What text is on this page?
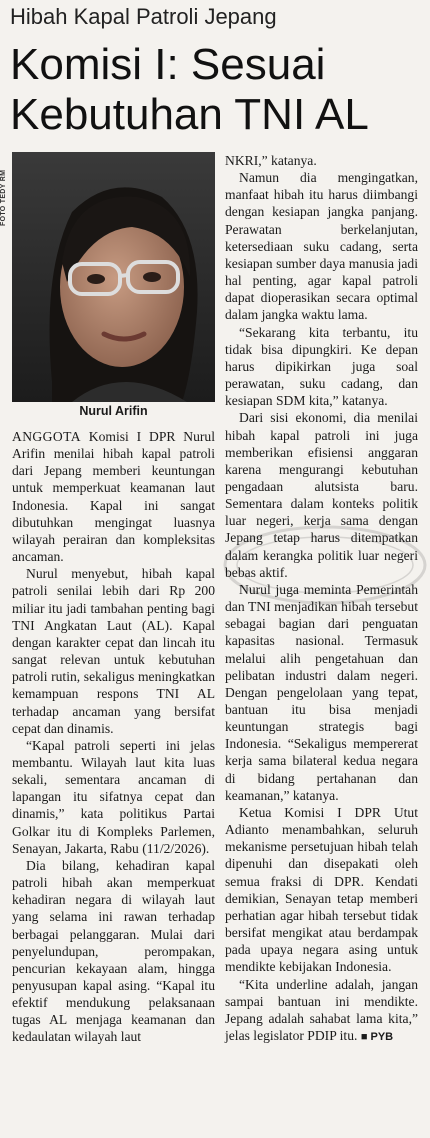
Hibah Kapal Patroli Jepang
Komisi I: Sesuai Kebutuhan TNI AL
FOTO TEDY RM
Nurul Arifin

ANGGOTA Komisi I DPR Nurul Arifin menilai hibah kapal patroli dari Jepang memberi keuntungan untuk memperkuat keamanan laut Indonesia. Kapal ini sangat dibutuhkan mengingat luasnya wilayah perairan dan kompleksitas ancaman.

Nurul menyebut, hibah kapal patroli senilai lebih dari Rp 200 miliar itu jadi tambahan penting bagi TNI Angkatan Laut (AL). Kapal dengan karakter cepat dan lincah itu sangat relevan untuk kebutuhan patroli rutin, sekaligus meningkatkan kemampuan respons TNI AL terhadap ancaman yang bersifat cepat dan dinamis.

“Kapal patroli seperti ini jelas membantu. Wilayah laut kita luas sekali, sementara ancaman di lapangan itu sifatnya cepat dan dinamis,” kata politikus Partai Golkar itu di Kompleks Parlemen, Senayan, Jakarta, Rabu (11/2/2026).

Dia bilang, kehadiran kapal patroli hibah akan memperkuat kehadiran negara di wilayah laut yang selama ini rawan terhadap berbagai pelanggaran. Mulai dari penyelundupan, perompakan, pencurian kekayaan alam, hingga penyusupan kapal asing. “Kapal itu efektif mendukung pelaksanaan tugas AL menjaga keamanan dan kedaulatan wilayah laut

NKRI,” katanya.

Namun dia mengingatkan, manfaat hibah itu harus diimbangi dengan kesiapan jangka panjang. Perawatan berkelanjutan, ketersediaan suku cadang, serta kesiapan sumber daya manusia jadi hal penting, agar kapal patroli dapat dioperasikan secara optimal dalam jangka waktu lama.

“Sekarang kita terbantu, itu tidak bisa dipungkiri. Ke depan harus dipikirkan juga soal perawatan, suku cadang, dan kesiapan SDM kita,” katanya.

Dari sisi ekonomi, dia menilai hibah kapal patroli ini juga memberikan efisiensi anggaran karena mengurangi kebutuhan pengadaan alutsista baru. Sementara dalam konteks politik luar negeri, kerja sama dengan Jepang tetap harus ditempatkan dalam kerangka politik luar negeri bebas aktif.

Nurul juga meminta Pemerintah dan TNI menjadikan hibah tersebut sebagai bagian dari penguatan kapasitas nasional. Termasuk melalui alih pengetahuan dan pelibatan industri dalam negeri. Dengan pengelolaan yang tepat, bantuan itu bisa menjadi keuntungan strategis bagi Indonesia. “Sekaligus mempererat kerja sama bilateral kedua negara di bidang pertahanan dan keamanan,” katanya.

Ketua Komisi I DPR Utut Adianto menambahkan, seluruh mekanisme persetujuan hibah telah dipenuhi dan disepakati oleh semua fraksi di DPR. Kendati demikian, Senayan tetap memberi perhatian agar hibah tersebut tidak bersifat mengikat atau berdampak pada upaya negara asing untuk mendikte kebijakan Indonesia.

“Kita underline adalah, jangan sampai bantuan ini mendikte. Jepang adalah sahabat lama kita,” jelas legislator PDIP itu. ■ PYB
